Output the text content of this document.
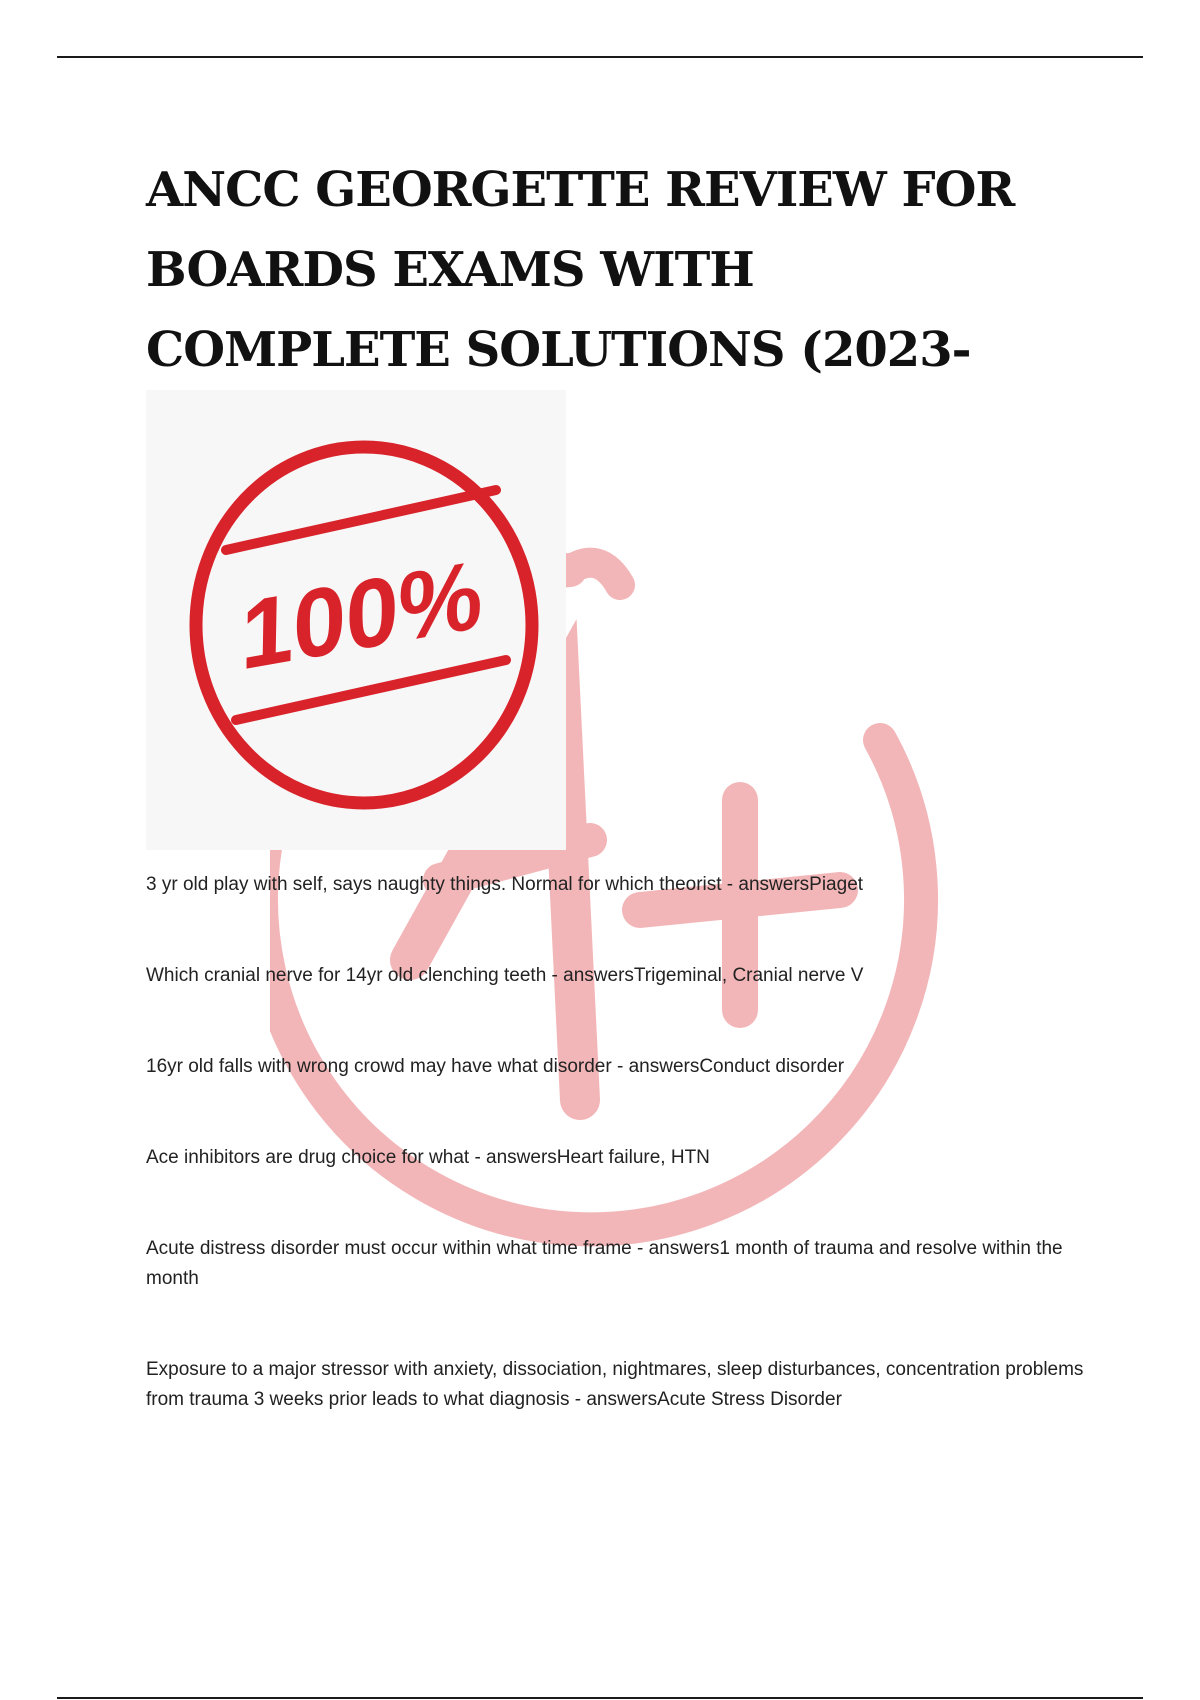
ANCC GEORGETTE REVIEW FOR BOARDS EXAMS WITH COMPLETE SOLUTIONS (2023-
100%

3 yr old play with self, says naughty things. Normal for which theorist - answersPiaget

Which cranial nerve for 14yr old clenching teeth - answersTrigeminal, Cranial nerve V

16yr old falls with wrong crowd may have what disorder - answersConduct disorder

Ace inhibitors are drug choice for what - answersHeart failure, HTN

Acute distress disorder must occur within what time frame - answers1 month of trauma and resolve within the month

Exposure to a major stressor with anxiety, dissociation, nightmares, sleep disturbances, concentration problems from trauma 3 weeks prior leads to what diagnosis - answersAcute Stress Disorder
